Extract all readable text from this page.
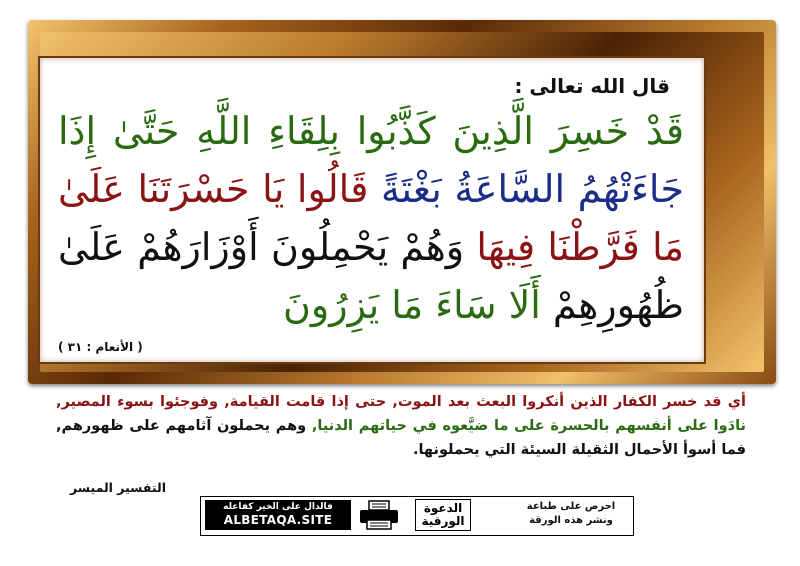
قال الله تعالى :
قَدْ خَسِرَ الَّذِينَ كَذَّبُوا بِلِقَاءِ اللَّهِ حَتَّىٰ إِذَا جَاءَتْهُمُ السَّاعَةُ بَغْتَةً قَالُوا يَا حَسْرَتَنَا عَلَىٰ مَا فَرَّطْنَا فِيهَا وَهُمْ يَحْمِلُونَ أَوْزَارَهُمْ عَلَىٰ ظُهُورِهِمْ أَلَا سَاءَ مَا يَزِرُونَ
( الأنعام : ٣١ )
أي قد خسر الكفار الذين أنكروا البعث بعد الموت, حتى إذا قامت القيامة, وفوجئوا بسوء المصير, نادَوا على أنفسهم بالحسرة على ما ضيَّعوه في حياتهم الدنيا, وهم يحملون آثامهم على ظهورهم, فما أسوأ الأحمال الثقيلة السيئة التي يحملونها.
التفسير الميسر
احرص على طباعة
ونشر هذه الورقة
الدعوة
الورقية
فالدال على الخير كفاعله
ALBETAQA.SITE
